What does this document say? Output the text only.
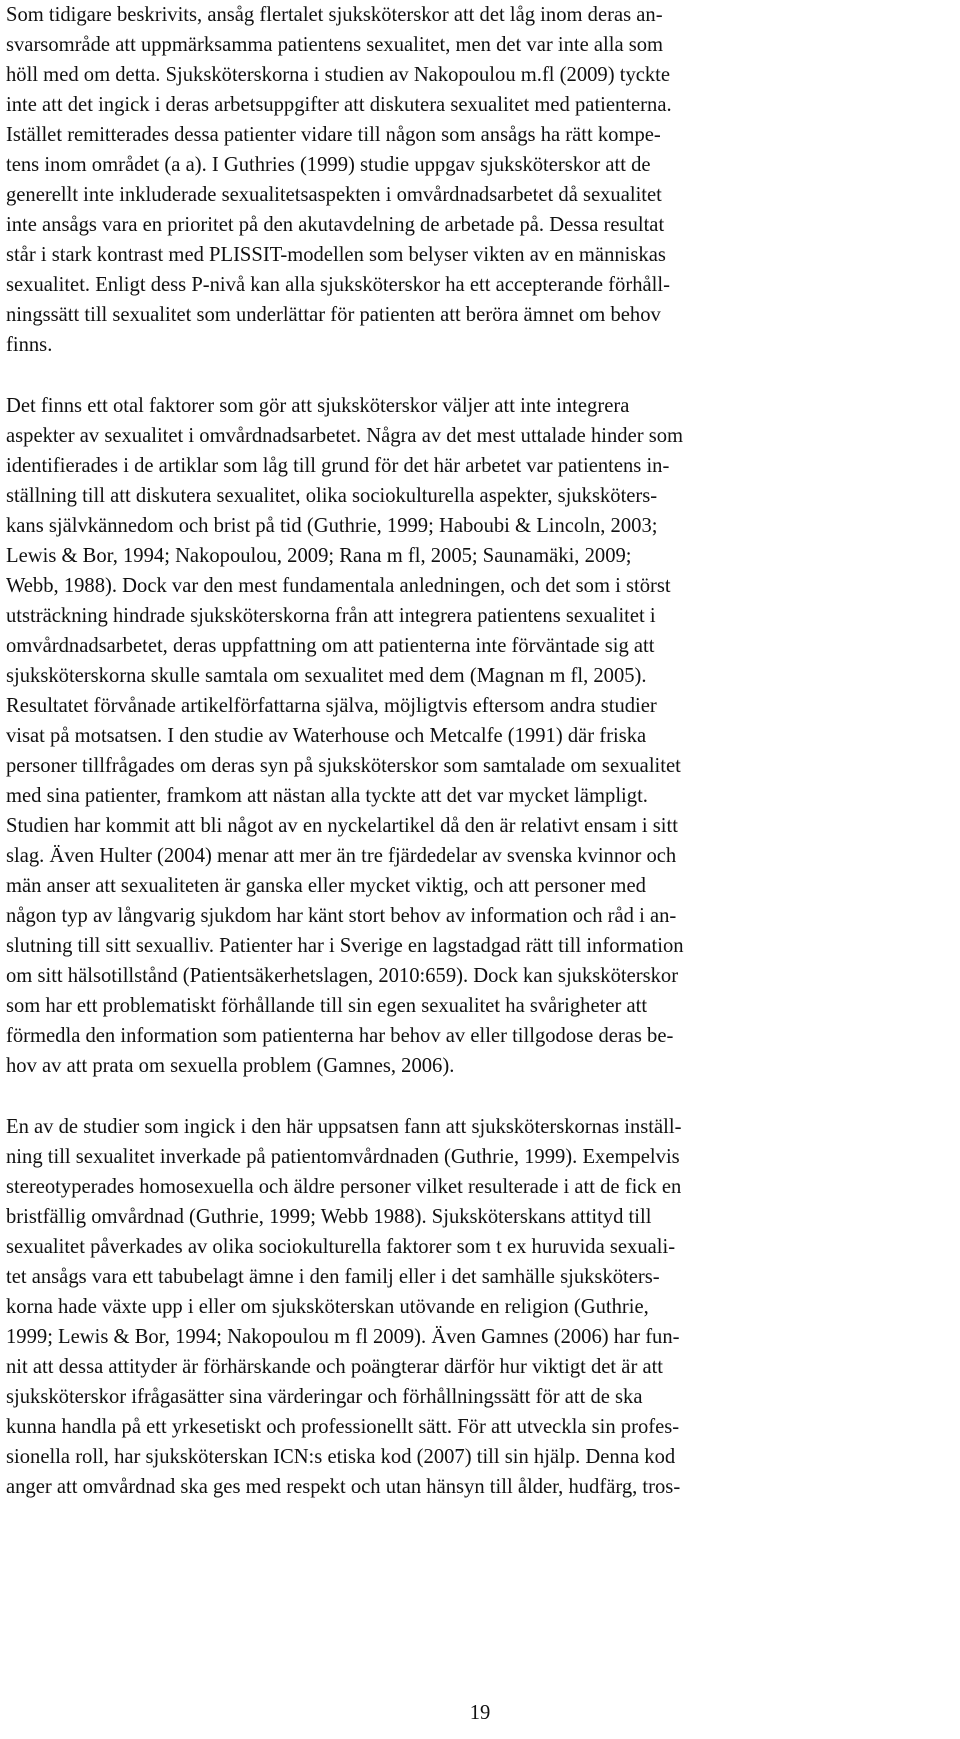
Som tidigare beskrivits, ansåg flertalet sjuksköterskor att det låg inom deras an-
svarsområde att uppmärksamma patientens sexualitet, men det var inte alla som
höll med om detta. Sjuksköterskorna i studien av Nakopoulou m.fl (2009) tyckte
inte att det ingick i deras arbetsuppgifter att diskutera sexualitet med patienterna.
Istället remitterades dessa patienter vidare till någon som ansågs ha rätt kompe-
tens inom området (a a). I Guthries (1999) studie uppgav sjuksköterskor att de
generellt inte inkluderade sexualitetsaspekten i omvårdnadsarbetet då sexualitet
inte ansågs vara en prioritet på den akutavdelning de arbetade på. Dessa resultat
står i stark kontrast med PLISSIT-modellen som belyser vikten av en människas
sexualitet. Enligt dess P-nivå kan alla sjuksköterskor ha ett accepterande förhåll-
ningssätt till sexualitet som underlättar för patienten att beröra ämnet om behov
finns.
Det finns ett otal faktorer som gör att sjuksköterskor väljer att inte integrera
aspekter av sexualitet i omvårdnadsarbetet. Några av det mest uttalade hinder som
identifierades i de artiklar som låg till grund för det här arbetet var patientens in-
ställning till att diskutera sexualitet, olika sociokulturella aspekter, sjuksköters-
kans självkännedom och brist på tid (Guthrie, 1999; Haboubi & Lincoln, 2003;
Lewis & Bor, 1994; Nakopoulou, 2009; Rana m fl, 2005; Saunamäki, 2009;
Webb, 1988). Dock var den mest fundamentala anledningen, och det som i störst
utsträckning hindrade sjuksköterskorna från att integrera patientens sexualitet i
omvårdnadsarbetet, deras uppfattning om att patienterna inte förväntade sig att
sjuksköterskorna skulle samtala om sexualitet med dem (Magnan m fl, 2005).
Resultatet förvånade artikelförfattarna själva, möjligtvis eftersom andra studier
visat på motsatsen. I den studie av Waterhouse och Metcalfe (1991) där friska
personer tillfrågades om deras syn på sjuksköterskor som samtalade om sexualitet
med sina patienter, framkom att nästan alla tyckte att det var mycket lämpligt.
Studien har kommit att bli något av en nyckelartikel då den är relativt ensam i sitt
slag. Även Hulter (2004) menar att mer än tre fjärdedelar av svenska kvinnor och
män anser att sexualiteten är ganska eller mycket viktig, och att personer med
någon typ av långvarig sjukdom har känt stort behov av information och råd i an-
slutning till sitt sexualliv. Patienter har i Sverige en lagstadgad rätt till information
om sitt hälsotillstånd (Patientsäkerhetslagen, 2010:659). Dock kan sjuksköterskor
som har ett problematiskt förhållande till sin egen sexualitet ha svårigheter att
förmedla den information som patienterna har behov av eller tillgodose deras be-
hov av att prata om sexuella problem (Gamnes, 2006).
En av de studier som ingick i den här uppsatsen fann att sjuksköterskornas inställ-
ning till sexualitet inverkade på patientomvårdnaden (Guthrie, 1999). Exempelvis
stereotyperades homosexuella och äldre personer vilket resulterade i att de fick en
bristfällig omvårdnad (Guthrie, 1999; Webb 1988). Sjuksköterskans attityd till
sexualitet påverkades av olika sociokulturella faktorer som t ex huruvida sexuali-
tet ansågs vara ett tabubelagt ämne i den familj eller i det samhälle sjuksköters-
korna hade växte upp i eller om sjuksköterskan utövande en religion (Guthrie,
1999; Lewis & Bor, 1994; Nakopoulou m fl 2009). Även Gamnes (2006) har fun-
nit att dessa attityder är förhärskande och poängterar därför hur viktigt det är att
sjuksköterskor ifrågasätter sina värderingar och förhållningssätt för att de ska
kunna handla på ett yrkesetiskt och professionellt sätt. För att utveckla sin profes-
sionella roll, har sjuksköterskan ICN:s etiska kod (2007) till sin hjälp. Denna kod
anger att omvårdnad ska ges med respekt och utan hänsyn till ålder, hudfärg, tros-
19
